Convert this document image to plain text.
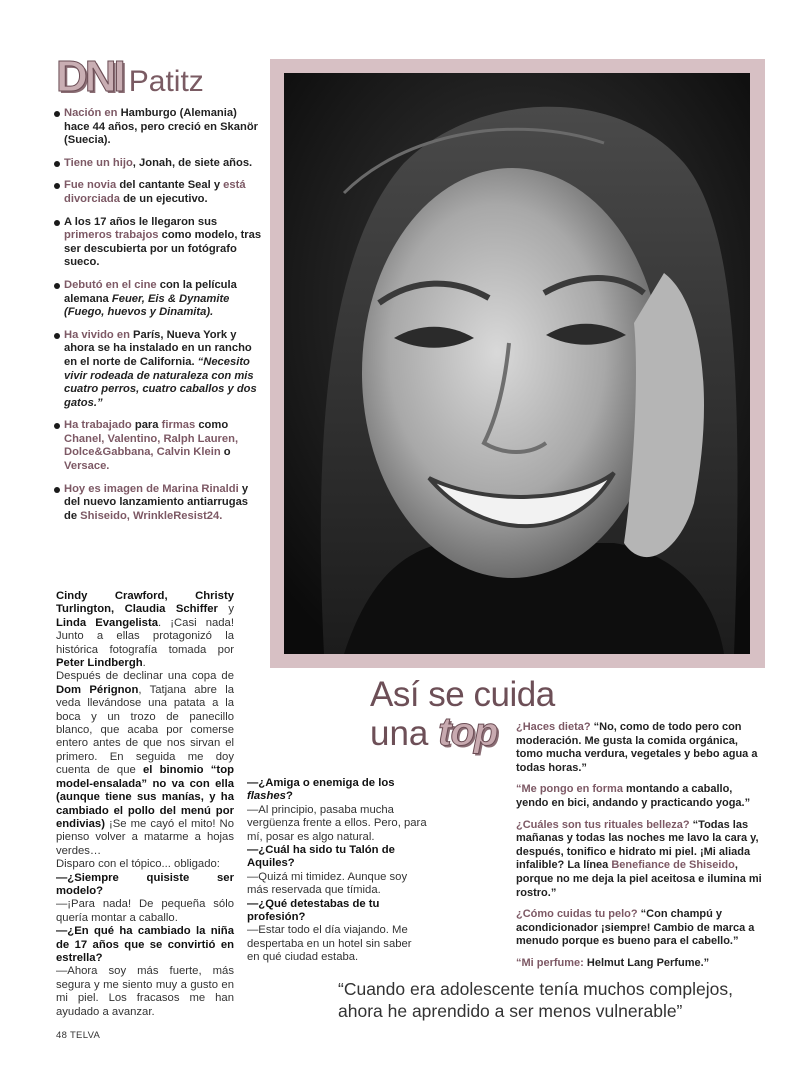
DNI Patitz
Nación en Hamburgo (Alemania) hace 44 años, pero creció en Skanör (Suecia).
Tiene un hijo, Jonah, de siete años.
Fue novia del cantante Seal y está divorciada de un ejecutivo.
A los 17 años le llegaron sus primeros trabajos como modelo, tras ser descubierta por un fotógrafo sueco.
Debutó en el cine con la película alemana Feuer, Eis & Dynamite (Fuego, huevos y Dinamita).
Ha vivido en París, Nueva York y ahora se ha instalado en un rancho en el norte de California. “Necesito vivir rodeada de naturaleza con mis cuatro perros, cuatro caballos y dos gatos.”
Ha trabajado para firmas como Chanel, Valentino, Ralph Lauren, Dolce&Gabbana, Calvin Klein o Versace.
Hoy es imagen de Marina Rinaldi y del nuevo lanzamiento antiarrugas de Shiseido, WrinkleResist24.

Cindy Crawford, Christy Turlington, Claudia Schiffer y Linda Evangelista. ¡Casi nada! Junto a ellas protagonizó la histórica fotografía tomada por Peter Lindbergh.

Después de declinar una copa de Dom Pérignon, Tatjana abre la veda llevándose una patata a la boca y un trozo de panecillo blanco, que acaba por comerse entero antes de que nos sirvan el primero. En seguida me doy cuenta de que el binomio “top model-ensalada” no va con ella (aunque tiene sus manías, y ha cambiado el pollo del menú por endivias) ¡Se me cayó el mito! No pienso volver a matarme a hojas verdes…

Disparo con el tópico... obligado:

—¿Siempre quisiste ser modelo?

—¡Para nada! De pequeña sólo quería montar a caballo.

—¿En qué ha cambiado la niña de 17 años que se convirtió en estrella?

—Ahora soy más fuerte, más segura y me siento muy a gusto en mi piel. Los fracasos me han ayudado a avanzar.

Así se cuida
una top

—¿Amiga o enemiga de los flashes?

—Al principio, pasaba mucha vergüenza frente a ellos. Pero, para mí, posar es algo natural.

—¿Cuál ha sido tu Talón de Aquiles?

—Quizá mi timidez. Aunque soy más reservada que tímida.

—¿Qué detestabas de tu profesión?

—Estar todo el día viajando. Me despertaba en un hotel sin saber en qué ciudad estaba.

¿Haces dieta? “No, como de todo pero con moderación. Me gusta la comida orgánica, tomo mucha verdura, vegetales y bebo agua a todas horas.”

“Me pongo en forma montando a caballo, yendo en bici, andando y practicando yoga.”

¿Cuáles son tus rituales belleza? “Todas las mañanas y todas las noches me lavo la cara y, después, tonifico e hidrato mi piel. ¡Mi aliada infalible? La línea Benefiance de Shiseido, porque no me deja la piel aceitosa e ilumina mi rostro.”

¿Cómo cuidas tu pelo? “Con champú y acondicionador ¡siempre! Cambio de marca a menudo porque es bueno para el cabello.”

“Mi perfume: Helmut Lang Perfume.”

“Cuando era adolescente tenía muchos complejos, ahora he aprendido a ser menos vulnerable”
48 TELVA
